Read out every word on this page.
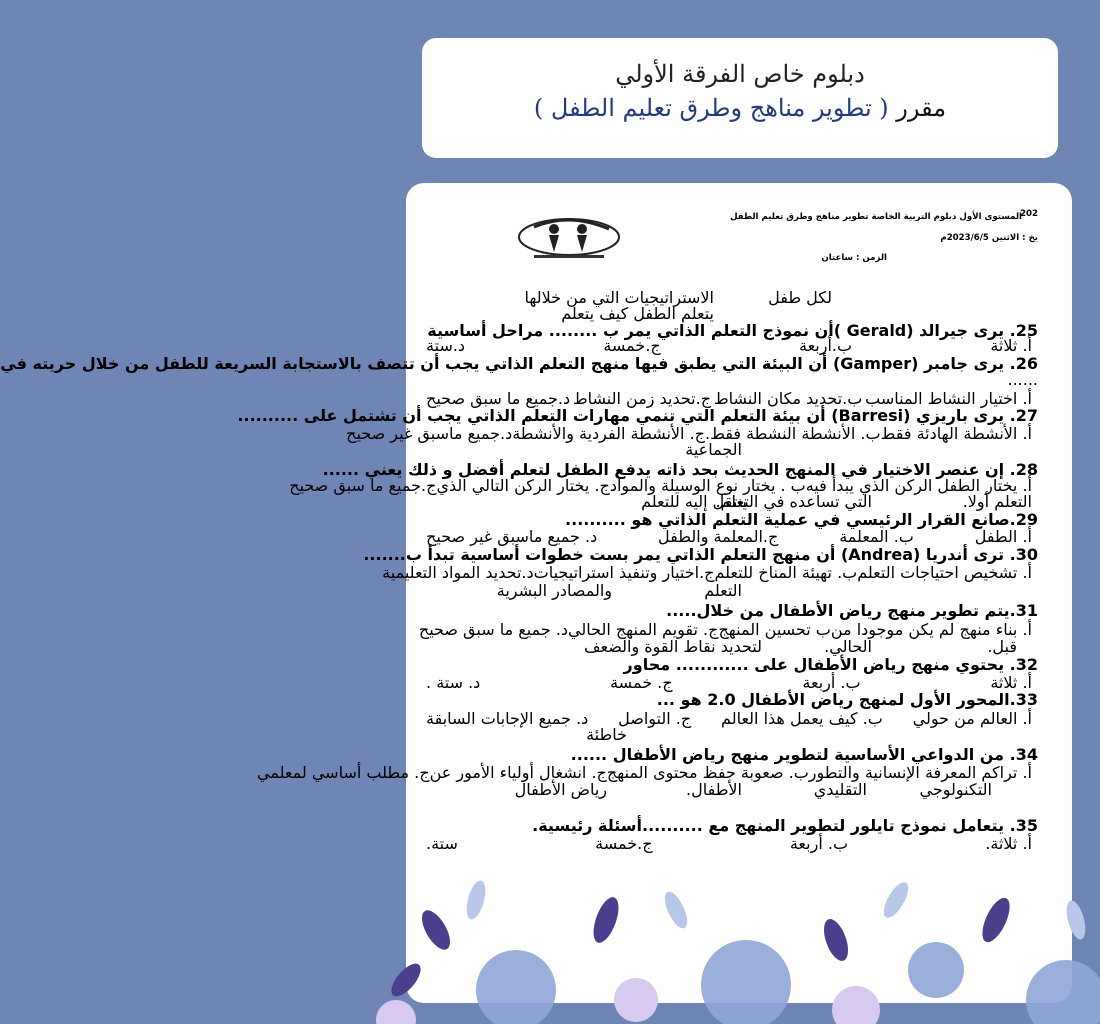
دبلوم خاص الفرقة الأولي
مقرر ( تطوير مناهج وطرق تعليم الطفل )
202
المستوى الأول دبلوم التربية الخاصة تطوير مناهج وطرق تعليم الطفل
يخ : الاثنين 2023/6/5م
الزمن : ساعتان
لكل طفل
الاستراتيجيات التي من خلالها
يتعلم الطفل كيف يتعلم
25. يرى جيرالد (Gerald )أن نموذج التعلم الذاتي يمر ب ........ مراحل أساسية
أ. ثلاثة
ب.أربعة
ج.خمسة
د.ستة
26. يرى جامبر (Gamper) أن البيئة التي يطبق فيها منهج التعلم الذاتي يجب أن تتصف بالاستجابة السريعة للطفل من خلال حريته في
......
أ. اختيار النشاط المناسب
ب.تحديد مكان النشاط
ج.تحديد زمن النشاط
د.جميع ما سبق صحيح
27. يرى باريزي (Barresi) أن بيئة التعلم التي تنمي مهارات التعلم الذاتي يجب أن تشتمل على ..........
أ. الأنشطة الهادئة فقط
ب. الأنشطة النشطة فقط.
ج. الأنشطة الفردية والأنشطة
د.جميع ماسبق غير صحيح
الجماعية
28. إن عنصر الاختيار في المنهج الحديث بحد ذاته يدفع الطفل لتعلم أفضل و ذلك يعني ......
أ. يختار الطفل الركن الذي يبدأ فيه
ب . يختار نوع الوسيلة والمواد
ج. يختار الركن التالي الذي
ج.جميع ما سبق صحيح
التعلم أولا.
التي تساعده في التعلم.
ينتقل إليه للتعلم
29.صانع القرار الرئيسي في عملية التعلم الذاتي هو ..........
أ. الطفل
ب. المعلمة
ج.المعلمة والطفل
د. جميع ماسبق غير صحيح
30. ترى أندريا (Andrea) أن منهج التعلم الذاتي يمر بست خطوات أساسية تبدأ ب.......
أ. تشخيص احتياجات التعلم
ب. تهيئة المناخ للتعلم
ج.اختيار وتنفيذ استراتيجيات
د.تحديد المواد التعليمية
التعلم
والمصادر البشرية
31.يتم تطوير منهج رياض الأطفال من خلال.....
أ. بناء منهج لم يكن موجودا من
ب تحسين المنهج
ج. تقويم المنهج الحالي
د. جميع ما سبق صحيح
قبل.
الحالي.
لتحديد نقاط القوة والضعف
32. يحتوي منهج رياض الأطفال على ............ محاور
أ. ثلاثة
ب. أربعة
ج. خمسة
د. ستة .
33.المحور الأول لمنهج رياض الأطفال 2.0 هو ...
أ. العالم من حولي
ب. كيف يعمل هذا العالم
ج. التواصل
د. جميع الإجابات السابقة
خاطئة
34. من الدواعي الأساسية لتطوير منهج رياض الأطفال ......
أ. تراكم المعرفة الإنسانية والتطور
ب. صعوبة حفظ محتوى المنهج
ج. انشغال أولياء الأمور عن
ج. مطلب أساسي لمعلمي
التكنولوجي
التقليدي
الأطفال.
رياض الأطفال
35. يتعامل نموذج تايلور لتطوير المنهج مع ..........أسئلة رئيسية.
أ. ثلاثة.
ب. أربعة
ج.خمسة
ستة.
